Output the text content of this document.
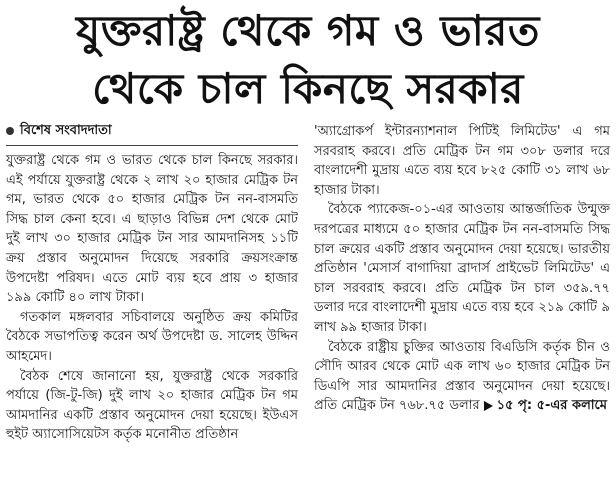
যুক্তরাষ্ট্র থেকে গম ও ভারত
থেকে চাল কিনছে সরকার
বিশেষ সংবাদদাতা

যুক্তরাষ্ট্র থেকে গম ও ভারত থেকে চাল কিনছে সরকার। এই পর্যায়ে যুক্তরাষ্ট্র থেকে ২ লাখ ২০ হাজার মেট্রিক টন গম, ভারত থেকে ৫০ হাজার মেট্রিক টন নন-বাসমতি সিদ্ধ চাল কেনা হবে। এ ছাড়াও বিভিন্ন দেশ থেকে মোট দুই লাখ ৩০ হাজার মেট্রিক টন সার আমদানিসহ ১১টি ক্রয় প্রস্তাব অনুমোদন দিয়েছে সরকারি ক্রয়সংক্রান্ত উপদেষ্টা পরিষদ। এতে মোট ব্যয় হবে প্রায় ৩ হাজার ১৯৯ কোটি ৪০ লাখ টাকা।

গতকাল মঙ্গলবার সচিবালয়ে অনুষ্ঠিত ক্রয় কমিটির বৈঠকে সভাপতিত্ব করেন অর্থ উপদেষ্টা ড. সালেহ উদ্দিন আহমেদ।

বৈঠক শেষে জানানো হয়, যুক্তরাষ্ট্র থেকে সরকারি পর্যায়ে (জি-টু-জি) দুই লাখ ২০ হাজার মেট্রিক টন গম আমদানির একটি প্রস্তাব অনুমোদন দেয়া হয়েছে। ইউএস হুইট অ্যাসোসিয়েটস কর্তৃক মনোনীত প্রতিষ্ঠান

'অ্যাগ্রোকর্প ইন্টারন্যাশনাল পিটিই লিমিটেড' এ গম সরবরাহ করবে। প্রতি মেট্রিক টন গম ৩০৮ ডলার দরে বাংলাদেশী মুদ্রায় এতে ব্যয় হবে ৮২৫ কোটি ৩১ লাখ ৬৮ হাজার টাকা।

বৈঠকে প্যাকেজ-০১-এর আওতায় আন্তর্জাতিক উন্মুক্ত দরপত্রের মাধ্যমে ৫০ হাজার মেট্রিক টন নন-বাসমতি সিদ্ধ চাল ক্রয়ের একটি প্রস্তাব অনুমোদন দেয়া হয়েছে। ভারতীয় প্রতিষ্ঠান 'মেসার্স বাগাদিয়া ব্রাদার্স প্রাইভেট লিমিটেড' এ চাল সরবরাহ করবে। প্রতি মেট্রিক টন চাল ৩৫৯.৭৭ ডলার দরে বাংলাদেশী মুদ্রায় এতে ব্যয় হবে ২১৯ কোটি ৯ লাখ ৯৯ হাজার টাকা।

বৈঠকে রাষ্ট্রীয় চুক্তির আওতায় বিএডিসি কর্তৃক চীন ও সৌদি আরব থেকে মোট এক লাখ ৬০ হাজার মেট্রিক টন ডিএপি সার আমদানির প্রস্তাব অনুমোদন দেয়া হয়েছে। প্রতি মেট্রিক টন ৭৬৮.৭৫ ডলার ১৫ পৃ: ৫-এর কলামে
